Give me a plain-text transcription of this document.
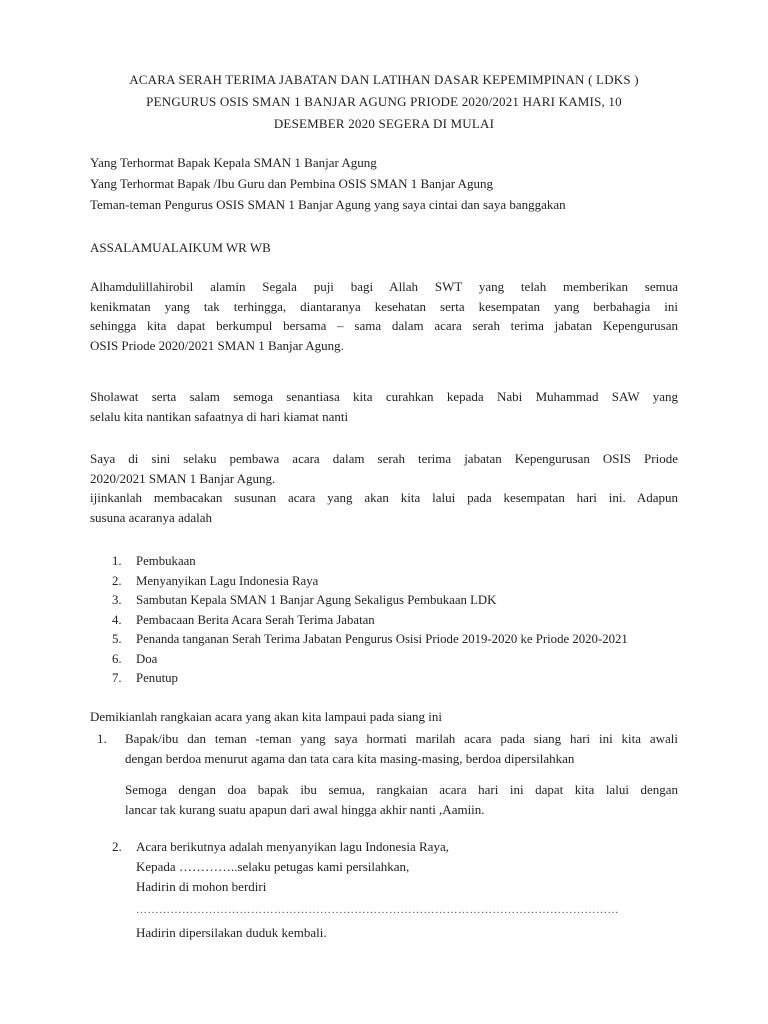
ACARA SERAH TERIMA JABATAN DAN LATIHAN DASAR KEPEMIMPINAN ( LDKS )
PENGURUS OSIS SMAN 1 BANJAR AGUNG PRIODE 2020/2021 HARI KAMIS, 10
DESEMBER 2020 SEGERA DI MULAI
Yang Terhormat Bapak Kepala SMAN 1 Banjar Agung
Yang Terhormat Bapak /Ibu Guru dan Pembina OSIS SMAN 1 Banjar Agung
Teman-teman Pengurus OSIS SMAN 1 Banjar Agung yang saya cintai dan saya banggakan
ASSALAMUALAIKUM WR WB
Alhamdulillahirobil alamin Segala puji bagi Allah SWT yang telah memberikan semua
kenikmatan yang tak terhingga, diantaranya kesehatan serta kesempatan yang berbahagia ini
sehingga kita dapat berkumpul bersama – sama dalam acara serah terima jabatan Kepengurusan
OSIS Priode 2020/2021 SMAN 1 Banjar Agung.
Sholawat serta salam semoga senantiasa kita curahkan kepada Nabi Muhammad SAW yang
selalu kita nantikan safaatnya di hari kiamat nanti
Saya di sini selaku pembawa acara dalam serah terima jabatan Kepengurusan OSIS Priode
2020/2021 SMAN 1 Banjar Agung.
ijinkanlah membacakan susunan acara yang akan kita lalui pada kesempatan hari ini. Adapun
susuna acaranya adalah
1. Pembukaan
2. Menyanyikan Lagu Indonesia Raya
3. Sambutan Kepala SMAN 1 Banjar Agung Sekaligus Pembukaan LDK
4. Pembacaan Berita Acara Serah Terima Jabatan
5. Penanda tanganan Serah Terima Jabatan Pengurus Osisi Priode 2019-2020 ke Priode 2020-2021
6. Doa
7. Penutup
Demikianlah rangkaian acara yang akan kita lampaui pada siang ini
1. Bapak/ibu dan teman -teman yang saya hormati marilah acara pada siang hari ini kita awali
dengan berdoa menurut agama dan tata cara kita masing-masing, berdoa dipersilahkan
Semoga dengan doa bapak ibu semua, rangkaian acara hari ini dapat kita lalui dengan
lancar tak kurang suatu apapun dari awal hingga akhir nanti ,Aamiin.
2. Acara berikutnya adalah menyanyikan lagu Indonesia Raya,
Kepada …………..selaku petugas kami persilahkan,
Hadirin di mohon berdiri
………………………………………………………………………………………………………………
Hadirin dipersilakan duduk kembali.
